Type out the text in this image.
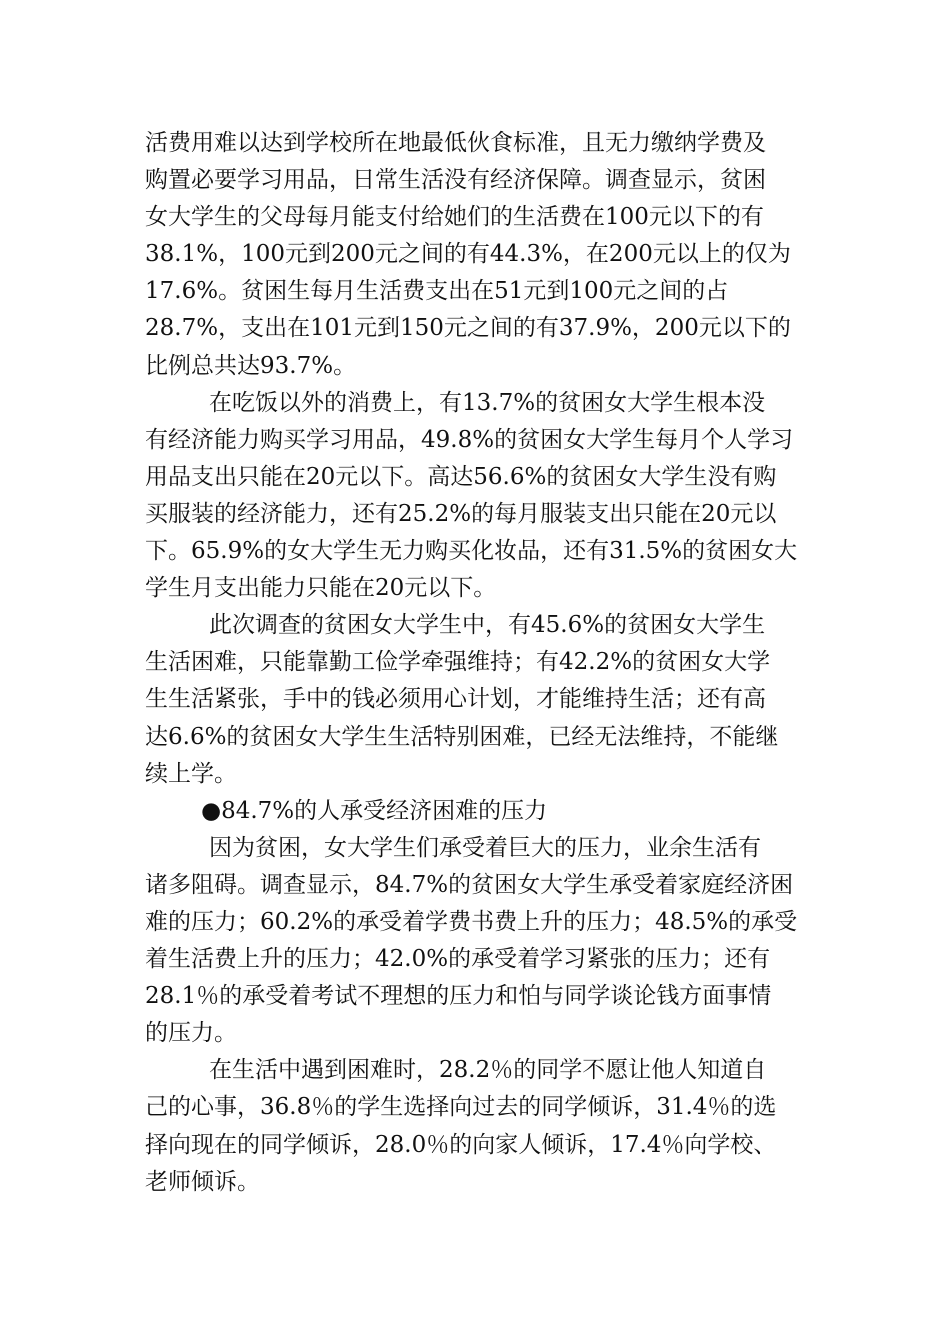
活费用难以达到学校所在地最低伙食标准，且无力缴纳学费及
购置必要学习用品，日常生活没有经济保障。调查显示，贫困
女大学生的父母每月能支付给她们的生活费在100元以下的有
38.1%，100元到200元之间的有44.3%，在200元以上的仅为
17.6%。贫困生每月生活费支出在51元到100元之间的占
28.7%，支出在101元到150元之间的有37.9%，200元以下的
比例总共达93.7%。
在吃饭以外的消费上，有13.7%的贫困女大学生根本没
有经济能力购买学习用品，49.8%的贫困女大学生每月个人学习
用品支出只能在20元以下。高达56.6%的贫困女大学生没有购
买服装的经济能力，还有25.2%的每月服装支出只能在20元以
下。65.9%的女大学生无力购买化妆品，还有31.5%的贫困女大
学生月支出能力只能在20元以下。
此次调查的贫困女大学生中，有45.6%的贫困女大学生
生活困难，只能靠勤工俭学牵强维持；有42.2%的贫困女大学
生生活紧张，手中的钱必须用心计划，才能维持生活；还有高
达6.6%的贫困女大学生生活特别困难，已经无法维持，不能继
续上学。
●84.7%的人承受经济困难的压力
因为贫困，女大学生们承受着巨大的压力，业余生活有
诸多阻碍。调查显示，84.7%的贫困女大学生承受着家庭经济困
难的压力；60.2%的承受着学费书费上升的压力；48.5%的承受
着生活费上升的压力；42.0%的承受着学习紧张的压力；还有
28.1％的承受着考试不理想的压力和怕与同学谈论钱方面事情
的压力。
在生活中遇到困难时，28.2％的同学不愿让他人知道自
己的心事，36.8％的学生选择向过去的同学倾诉，31.4％的选
择向现在的同学倾诉，28.0％的向家人倾诉，17.4％向学校、
老师倾诉。
